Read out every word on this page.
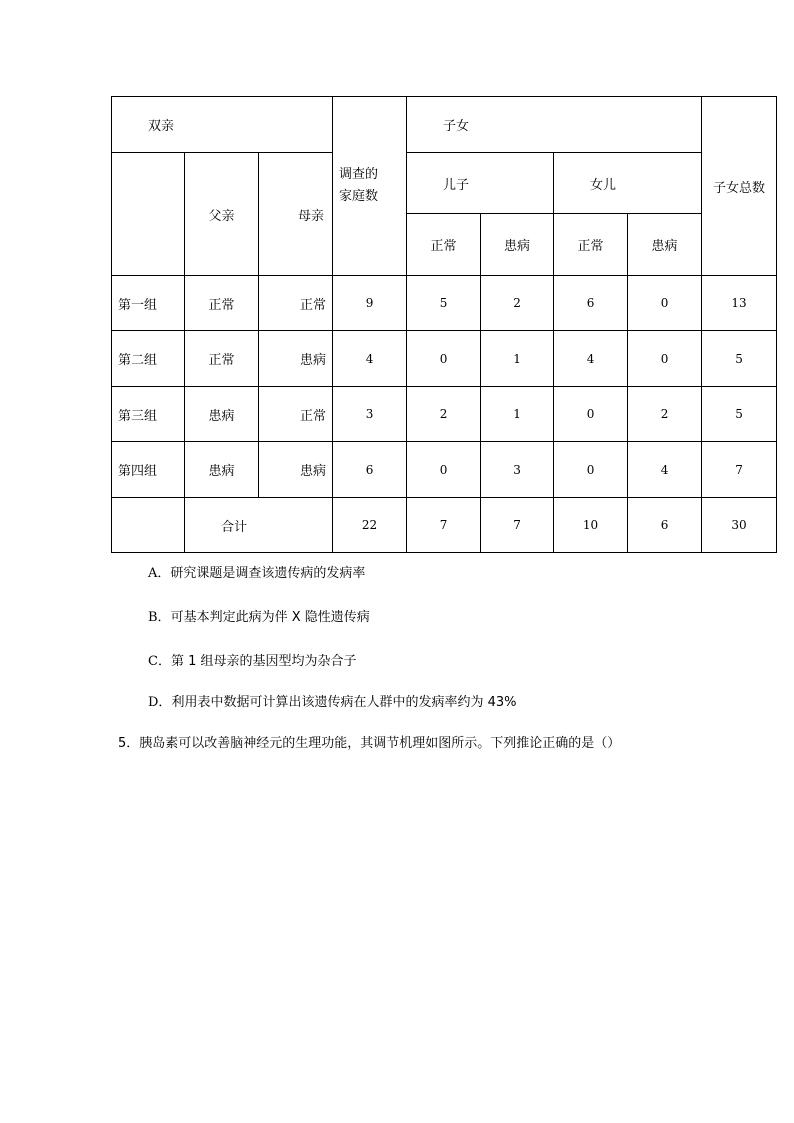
双亲			调查的家庭数	子女				子女总数
	父亲	母亲		儿子		女儿		
				正常	患病	正常	患病	
第一组	正常	正常	9	5	2	6	0	13
第二组	正常	患病	4	0	1	4	0	5
第三组	患病	正常	3	2	1	0	2	5
第四组	患病	患病	6	0	3	0	4	7
	合计		22	7	7	10	6	30
A．研究课题是调查该遗传病的发病率
B．可基本判定此病为伴 X 隐性遗传病
C．第 1 组母亲的基因型均为杂合子
D．利用表中数据可计算出该遗传病在人群中的发病率约为 43%
5．胰岛素可以改善脑神经元的生理功能，其调节机理如图所示。下列推论正确的是（）
